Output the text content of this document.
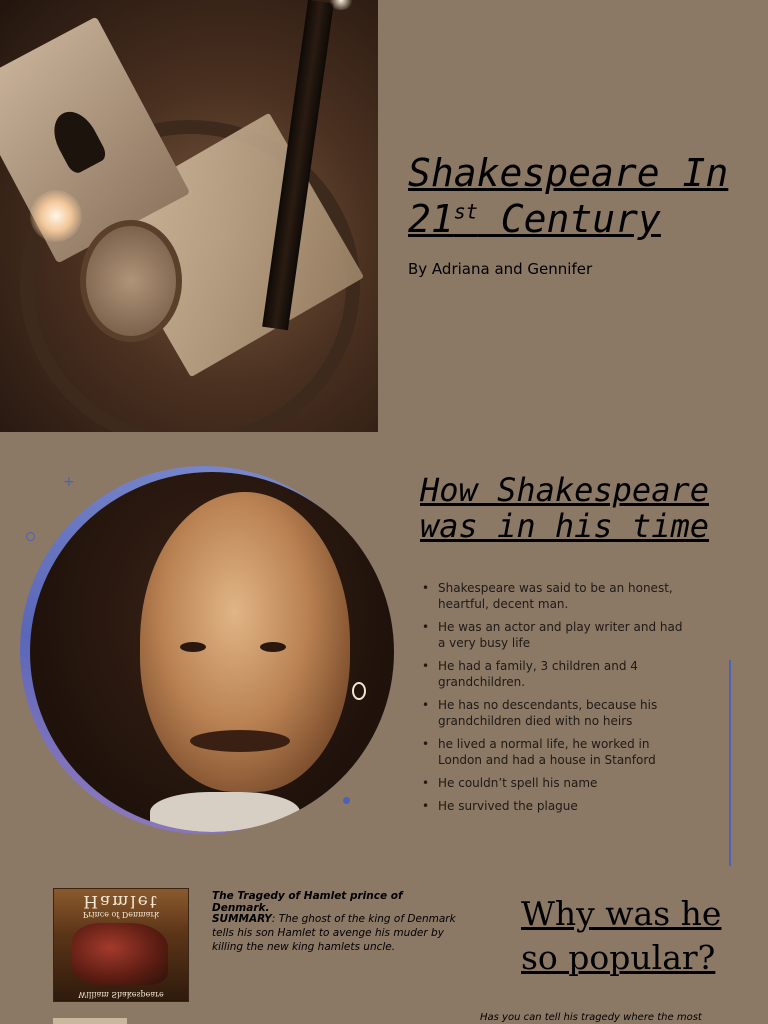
Shakespeare In
21st Century
By Adriana and Gennifer
+	How Shakespeare was in his time
• Shakespeare was said to be an honest, heartful, decent man.
• He was an actor and play writer and had a very busy life
• He had a family, 3 children and 4 grandchildren.
• He has no descendants, because his grandchildren died with no heirs
• he lived a normal life, he worked in London and had a house in Stanford
• He couldn’t spell his name
• He survived the plague
Hamlet
Prince of Denmark
William Shakespeare
The Tragedy of Hamlet prince of Denmark.
SUMMARY: The ghost of the king of Denmark tells his son Hamlet to avenge his muder by killing the new king hamlets uncle.
Why was he so popular?
Has you can tell his tragedy where the most
